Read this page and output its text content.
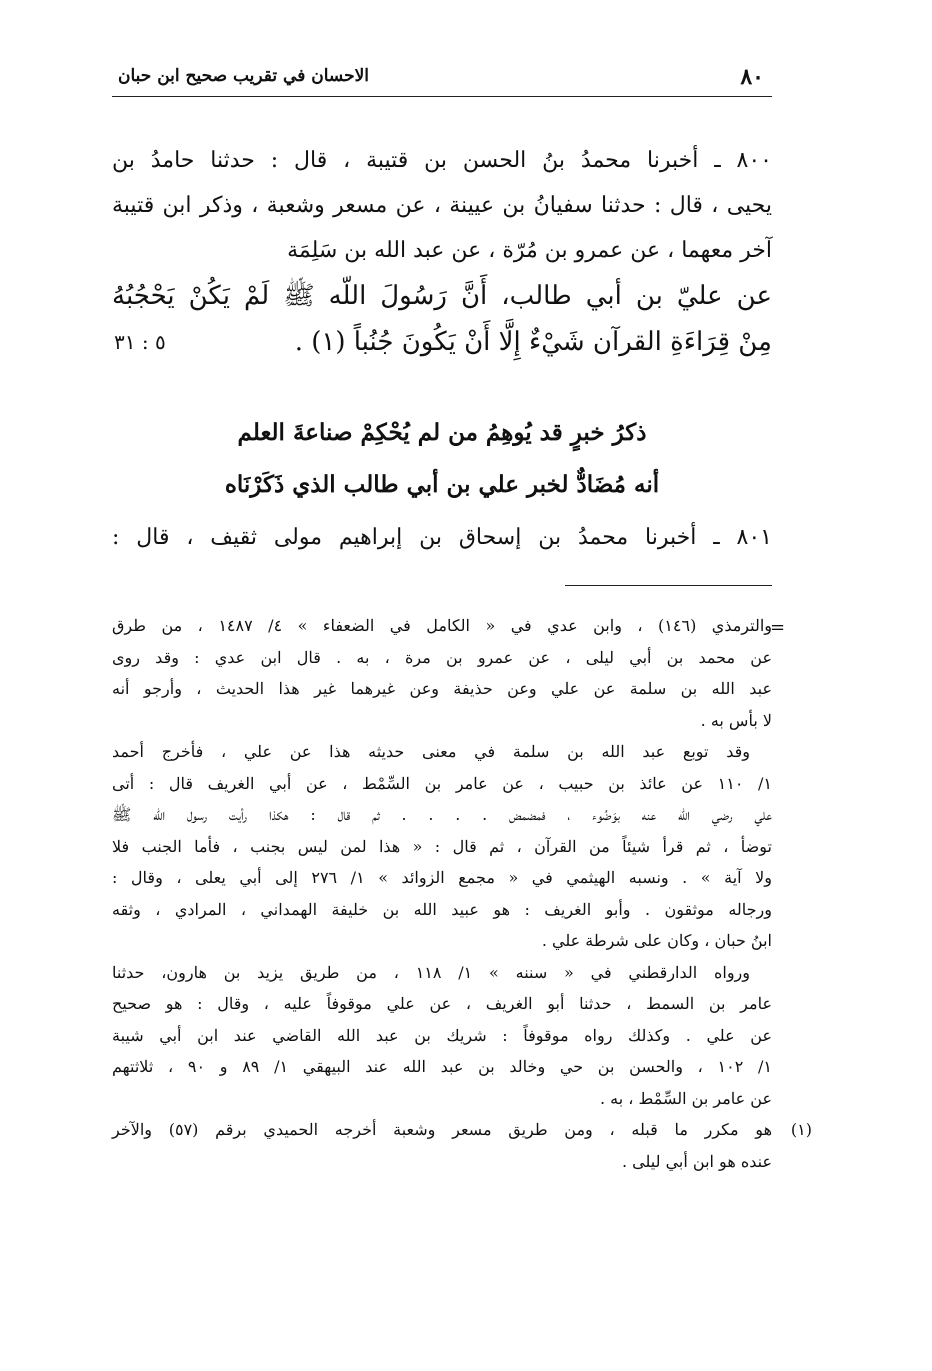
٨٠
الاحسان في تقريب صحيح ابن حبان
٨٠٠ ـ أخبرنا محمدُ بنُ الحسن بن قتيبة ، قال : حدثنا حامدُ بن
يحيى ، قال : حدثنا سفيانُ بن عيينة ، عن مسعر وشعبة ، وذكر ابن قتيبة
آخر معهما ، عن عمرو بن مُرّة ، عن عبد الله بن سَلِمَة
عن عليّ بن أبي طالب، أَنَّ رَسُولَ اللّه ﷺ لَمْ يَكُنْ يَحْجُبُهُ
مِنْ قِرَاءَةِ القرآن شَيْءٌ إِلَّا أَنْ يَكُونَ جُنُباً (١) .
٥ : ٣١
ذكرُ خبرٍ قد يُوهِمُ من لم يُحْكِمْ صناعةَ العلم
أنه مُضَادٌّ لخبر علي بن أبي طالب الذي ذَكَرْنَاه
٨٠١ ـ أخبرنا محمدُ بن إسحاق بن إبراهيم مولى ثقيف ، قال :
=
والترمذي (١٤٦) ، وابن عدي في « الكامل في الضعفاء » ٤/ ١٤٨٧ ، من طرق
عن محمد بن أبي ليلى ، عن عمرو بن مرة ، به . قال ابن عدي : وقد روى
عبد الله بن سلمة عن علي وعن حذيفة وعن غيرهما غير هذا الحديث ، وأرجو أنه
لا بأس به .
وقد توبع عبد الله بن سلمة في معنى حديثه هذا عن علي ، فأخرج أحمد
١/ ١١٠ عن عائذ بن حبيب ، عن عامر بن السِّمْط ، عن أبي الغريف قال : أتى
علي رضي الله عنه بوَضُوء ، فمضمض . . . . ثم قال : هكذا رأيت رسول الله ﷺ
توضأ ، ثم قرأ شيئاً من القرآن ، ثم قال : « هذا لمن ليس بجنب ، فأما الجنب فلا
ولا آية » . ونسبه الهيثمي في « مجمع الزوائد » ١/ ٢٧٦ إلى أبي يعلى ، وقال :
ورجاله موثقون . وأبو الغريف : هو عبيد الله بن خليفة الهمداني ، المرادي ، وثقه
ابنُ حبان ، وكان على شرطة علي .
ورواه الدارقطني في « سننه » ١/ ١١٨ ، من طريق يزيد بن هارون، حدثنا
عامر بن السمط ، حدثنا أبو الغريف ، عن علي موقوفاً عليه ، وقال : هو صحيح
عن علي . وكذلك رواه موقوفاً : شريك بن عبد الله القاضي عند ابن أبي شيبة
١/ ١٠٢ ، والحسن بن حي وخالد بن عبد الله عند البيهقي ١/ ٨٩ و ٩٠ ، ثلاثتهم
عن عامر بن السِّمْط ، به .
(١)
هو مكرر ما قبله ، ومن طريق مسعر وشعبة أخرجه الحميدي برقم (٥٧) والآخر
عنده هو ابن أبي ليلى .
